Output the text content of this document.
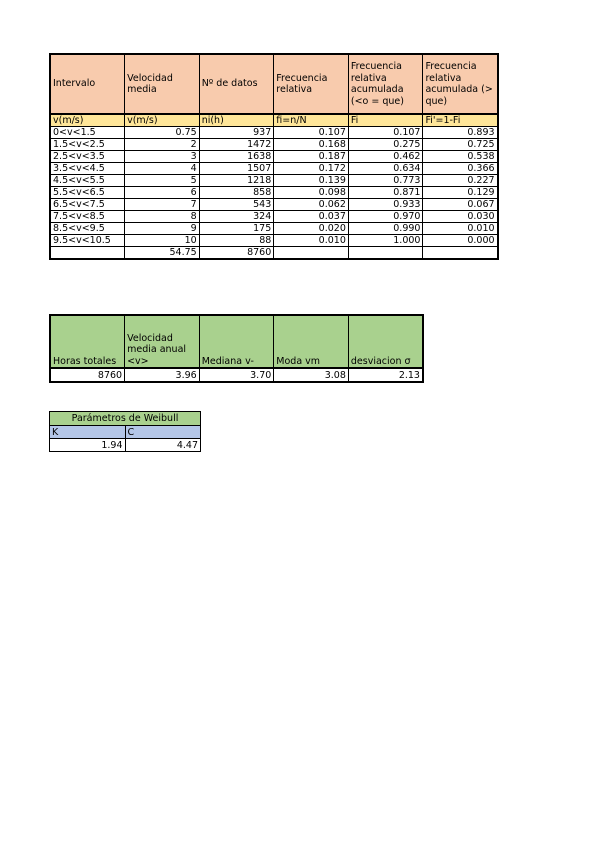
Intervalo	Velocidad media	Nº de datos	Frecuencia relativa	Frecuencia relativa acumulada (<o = que)	Frecuencia relativa acumulada (> que)
v(m/s)	v(m/s)	ni(h)	fi=n/N	Fi	Fi'=1-Fi
0<v<1.5	0.75	937	0.107	0.107	0.893
1.5<v<2.5	2	1472	0.168	0.275	0.725
2.5<v<3.5	3	1638	0.187	0.462	0.538
3.5<v<4.5	4	1507	0.172	0.634	0.366
4.5<v<5.5	5	1218	0.139	0.773	0.227
5.5<v<6.5	6	858	0.098	0.871	0.129
6.5<v<7.5	7	543	0.062	0.933	0.067
7.5<v<8.5	8	324	0.037	0.970	0.030
8.5<v<9.5	9	175	0.020	0.990	0.010
9.5<v<10.5	10	88	0.010	1.000	0.000
	54.75	8760			
Horas totales	Velocidad media anual <v>	Mediana v-	Moda vm	desviacion σ
8760	3.96	3.70	3.08	2.13
Parámetros de Weibull	
K	C
1.94	4.47
